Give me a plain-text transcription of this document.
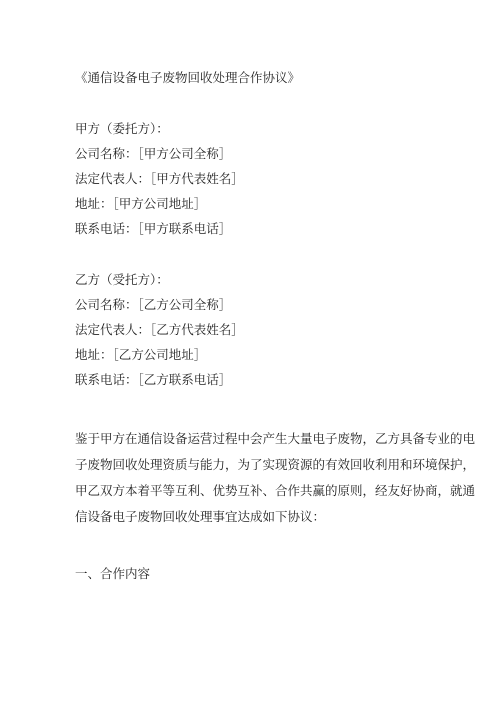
《通信设备电子废物回收处理合作协议》
甲方（委托方）：
公司名称：［甲方公司全称］
法定代表人：［甲方代表姓名］
地址：［甲方公司地址］
联系电话：［甲方联系电话］
乙方（受托方）：
公司名称：［乙方公司全称］
法定代表人：［乙方代表姓名］
地址：［乙方公司地址］
联系电话：［乙方联系电话］
鉴于甲方在通信设备运营过程中会产生大量电子废物，乙方具备专业的电
子废物回收处理资质与能力，为了实现资源的有效回收利用和环境保护，
甲乙双方本着平等互利、优势互补、合作共赢的原则，经友好协商，就通
信设备电子废物回收处理事宜达成如下协议：
一、合作内容
